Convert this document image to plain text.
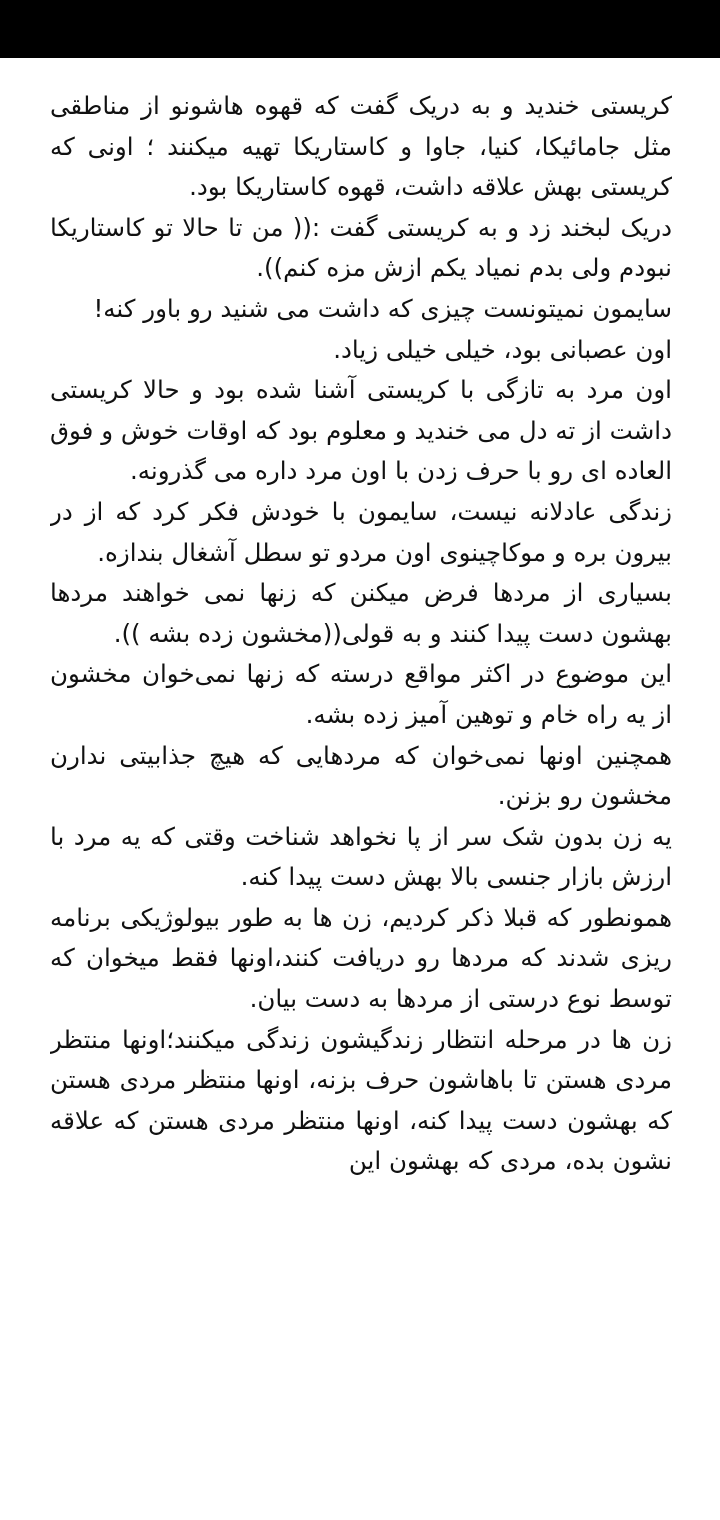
کریستی خندید و به دریک گفت که قهوه هاشونو از مناطقی مثل جامائیکا، کنیا، جاوا و کاستاریکا تهیه میکنند ؛ اونی که کریستی بهش علاقه داشت، قهوه کاستاریکا بود.

دریک لبخند زد و به کریستی گفت :(( من تا حالا تو کاستاریکا نبودم ولی بدم نمیاد یکم ازش مزه کنم)).

سایمون نمیتونست چیزی که داشت می شنید رو باور کنه!

اون عصبانی بود، خیلی خیلی زیاد.

اون مرد به تازگی با کریستی آشنا شده بود و حالا کریستی داشت از ته دل می خندید و معلوم بود که اوقات خوش و فوق العاده ای رو با حرف زدن با اون مرد داره می گذرونه.

زندگی عادلانه نیست، سایمون با خودش فکر کرد که از در بیرون بره و موکاچینوی اون مردو تو سطل آشغال بندازه.

بسیاری از مردها فرض میکنن که زنها نمی خواهند مردها بهشون دست پیدا کنند و به قولی((مخشون زده بشه )).

این موضوع در اکثر مواقع درسته که زنها نمی‌خوان مخشون از یه راه خام و توهین آمیز زده بشه.

همچنین اونها نمی‌خوان که مردهایی که هیچ جذابیتی ندارن مخشون رو بزنن.

یه زن بدون شک سر از پا نخواهد شناخت وقتی که یه مرد با ارزش بازار جنسی بالا بهش دست پیدا کنه.

همونطور که قبلا ذکر کردیم، زن ها به طور بیولوژیکی برنامه ریزی شدند که مردها رو دریافت کنند،اونها فقط میخوان که توسط نوع درستی از مردها به دست بیان.

زن ها در مرحله انتظار زندگیشون زندگی میکنند؛اونها منتظر مردی هستن تا باهاشون حرف بزنه، اونها منتظر مردی هستن که بهشون دست پیدا کنه، اونها منتظر مردی هستن که علاقه نشون بده، مردی که بهشون این
